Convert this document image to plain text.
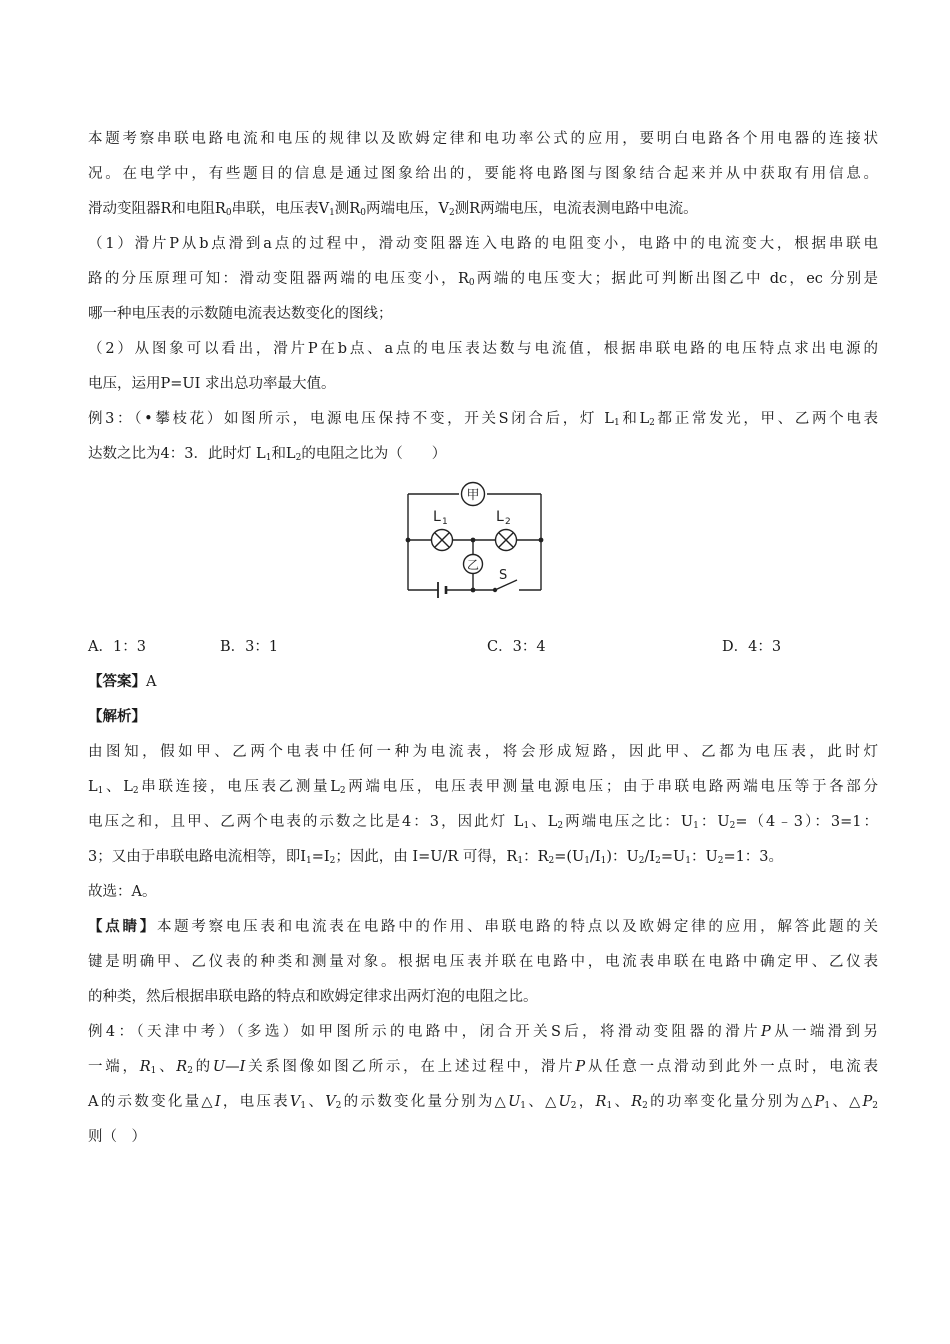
本题考察串联电路电流和电压的规律以及欧姆定律和电功率公式的应用，要明白电路各个用电器的连接状
况。在电学中，有些题目的信息是通过图象给出的，要能将电路图与图象结合起来并从中获取有用信息。
滑动变阻器R和电阻$R_0$串联，电压表$V_1$测$R_0$两端电压，$V_2$测R两端电压，电流表测电路中电流。
（1）滑片P从b点滑到a点的过程中，滑动变阻器连入电路的电阻变小，电路中的电流变大，根据串联电
路的分压原理可知：滑动变阻器两端的电压变小，$R_0$两端的电压变大；据此可判断出图乙中 dc，ec 分别是
哪一种电压表的示数随电流表达数变化的图线；
（2）从图象可以看出，滑片P在b点、a点的电压表达数与电流值，根据串联电路的电压特点求出电源的
电压，运用P=UI 求出总功率最大值。
例3：（•攀枝花）如图所示，电源电压保持不变，开关S闭合后，灯 $L_1$和$L_2$都正常发光，甲、乙两个电表
达数之比为4：3．此时灯 $L_1$和$L_2$的电阻之比为（　　）
甲
乙
L 1	L 2
S
A．1：3	B．3：1	C．3：4	D．4：3
【答案】A
【解析】
由图知，假如甲、乙两个电表中任何一种为电流表，将会形成短路，因此甲、乙都为电压表，此时灯
$L_1$、$L_2$串联连接，电压表乙测量$L_2$两端电压，电压表甲测量电源电压；由于串联电路两端电压等于各部分
电压之和，且甲、乙两个电表的示数之比是4：3，因此灯 $L_1$、$L_2$两端电压之比：$U_1$：$U_2=(4﹣3)$：3=1：
3；又由于串联电路电流相等，即$I_1=I_2$；因此，由 I=U/R 可得，$R_1$：$R_2=(U_1/I_1)$：$U_2/I_2=U_1$：$U_2=1$：3。
故选：A。
【点睛】本题考察电压表和电流表在电路中的作用、串联电路的特点以及欧姆定律的应用，解答此题的关
键是明确甲、乙仪表的种类和测量对象。根据电压表并联在电路中，电流表串联在电路中确定甲、乙仪表
的种类，然后根据串联电路的特点和欧姆定律求出两灯泡的电阻之比。
例4：（天津中考）（多选）如甲图所示的电路中，闭合开关S后，将滑动变阻器的滑片P从一端滑到另
一端，$R_1$、$R_2$的U—I关系图像如图乙所示，在上述过程中，滑片P从任意一点滑动到此外一点时，电流表
A的示数变化量△I，电压表$V_1$、$V_2$的示数变化量分别为$\triangle U_1$、$\triangle U_2$，$R_1$、$R_2$的功率变化量分别为$\triangle P_1$、$\triangle P_2$
则（　）
